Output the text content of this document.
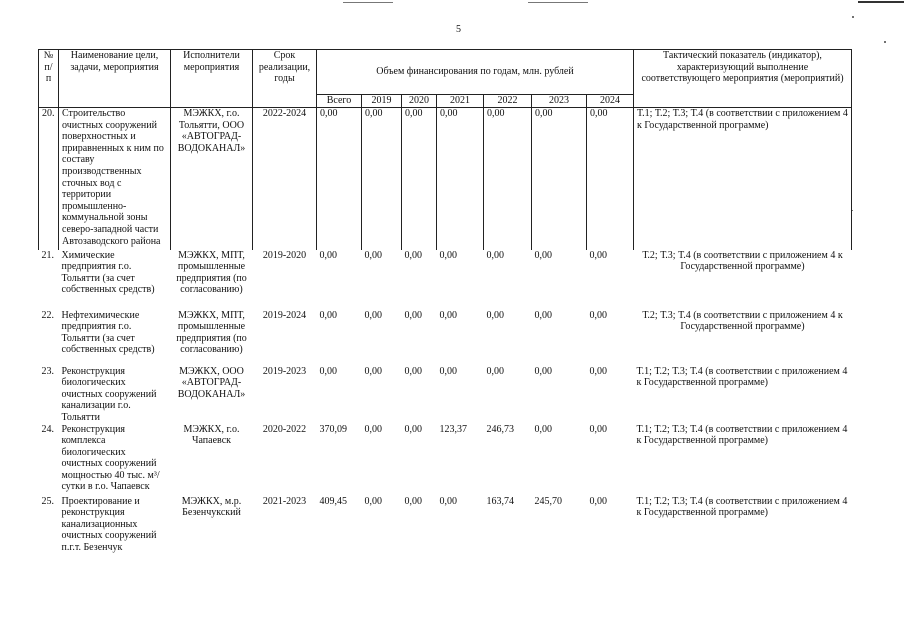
5
№ п/п	Наименование цели, задачи, мероприятия	Исполнители мероприятия	Срок реализации, годы	Объем финансирования по годам, млн. рублей							Тактический показатель (индикатор), характеризующий выполнение соответствующего мероприятия (мероприятий)
				Всего	2019	2020	2021	2022	2023	2024	
20.	Строительство очистных сооружений поверхностных и приравненных к ним по составу производственных сточных вод с территории промышленно-коммунальной зоны северо-западной части Автозаводского района	МЭЖКХ, г.о. Тольятти, ООО «АВТОГРАД-ВОДОКАНАЛ»	2022-2024	0,00	0,00	0,00	0,00	0,00	0,00	0,00	Т.1; Т.2; Т.3; Т.4 (в соответствии с приложением 4 к Государственной программе)
21.	Химические предприятия г.о. Тольятти (за счет собственных средств)	МЭЖКХ, МПТ, промышленные предприятия (по согласованию)	2019-2020	0,00	0,00	0,00	0,00	0,00	0,00	0,00	Т.2; Т.3; Т.4 (в соответствии с приложением 4 к Государственной программе)
22.	Нефтехимические предприятия г.о. Тольятти (за счет собственных средств)	МЭЖКХ, МПТ, промышленные предприятия (по согласованию)	2019-2024	0,00	0,00	0,00	0,00	0,00	0,00	0,00	Т.2; Т.3; Т.4 (в соответствии с приложением 4 к Государственной программе)
23.	Реконструкция биологических очистных сооружений канализации г.о. Тольятти	МЭЖКХ, ООО «АВТОГРАД-ВОДОКАНАЛ»	2019-2023	0,00	0,00	0,00	0,00	0,00	0,00	0,00	Т.1; Т.2; Т.3; Т.4 (в соответствии с приложением 4 к Государственной программе)
24.	Реконструкция комплекса биологических очистных сооружений мощностью 40 тыс. м³/сутки в г.о. Чапаевск	МЭЖКХ, г.о. Чапаевск	2020-2022	370,09	0,00	0,00	123,37	246,73	0,00	0,00	Т.1; Т.2; Т.3; Т.4 (в соответствии с приложением 4 к Государственной программе)
25.	Проектирование и реконструкция канализационных очистных сооружений п.г.т. Безенчук	МЭЖКХ, м.р. Безенчукский	2021-2023	409,45	0,00	0,00	0,00	163,74	245,70	0,00	Т.1; Т.2; Т.3; Т.4 (в соответствии с приложением 4 к Государственной программе)
